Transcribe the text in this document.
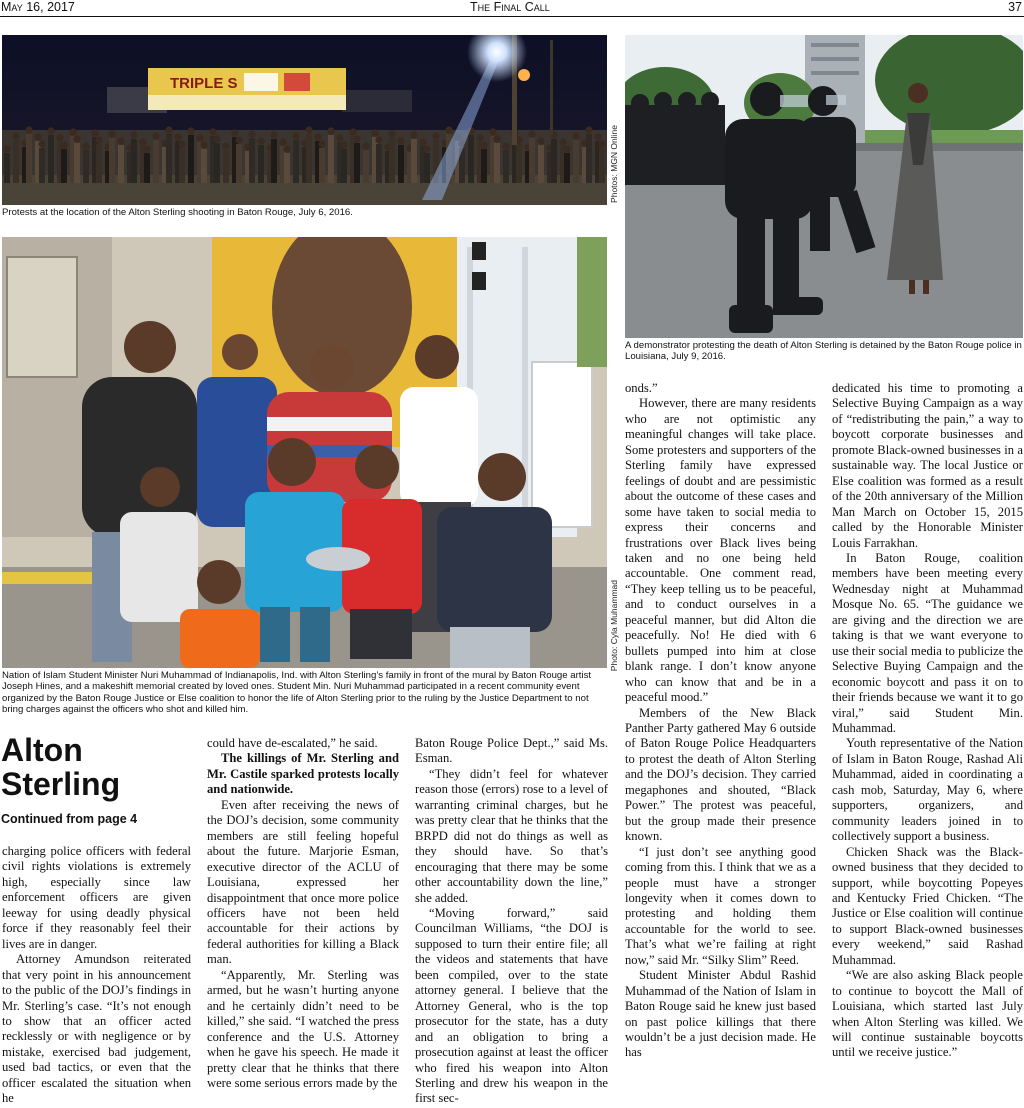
May 16, 2017	The Final Call	37
TRIPLE S
Photos: MGN Online

Protests at the location of the Alton Sterling shooting in Baton Rouge, July 6, 2016.

A demonstrator protesting the death of Alton Sterling is detained by the Baton Rouge police in Louisiana, July 9, 2016.

Photo: Cyla Muhammad

Nation of Islam Student Minister Nuri Muhammad of Indianapolis, Ind. with Alton Sterling’s family in front of the mural by Baton Rouge artist Joseph Hines, and a makeshift memorial created by loved ones. Student Min. Nuri Muhammad participated in a recent community event organized by the Baton Rouge Justice or Else coalition to honor the life of Alton Sterling prior to the ruling by the Justice Department to not bring charges against the officers who shot and killed him.

Alton
Sterling
Continued from page 4

charging police officers with federal civil rights violations is extremely high, especially since law enforcement officers are given leeway for using deadly physical force if they reasonably feel their lives are in danger.

Attorney Amundson reiterated that very point in his announcement to the public of the DOJ’s findings in Mr. Sterling’s case. “It’s not enough to show that an officer acted recklessly or with negligence or by mistake, exercised bad judgement, used bad tactics, or even that the officer escalated the situation when he

could have de-escalated,” he said.

The killings of Mr. Sterling and Mr. Castile sparked protests locally and nationwide.

Even after receiving the news of the DOJ’s decision, some community members are still feeling hopeful about the future. Marjorie Esman, executive director of the ACLU of Louisiana, expressed her disappointment that once more police officers have not been held accountable for their actions by federal authorities for killing a Black man.

“Apparently, Mr. Sterling was armed, but he wasn’t hurting anyone and he certainly didn’t need to be killed,” she said. “I watched the press conference and the U.S. Attorney when he gave his speech. He made it pretty clear that he thinks that there were some serious errors made by the

Baton Rouge Police Dept.,” said Ms. Esman.

“They didn’t feel for whatever reason those (errors) rose to a level of warranting criminal charges, but he was pretty clear that he thinks that the BRPD did not do things as well as they should have. So that’s encouraging that there may be some other accountability down the line,” she added.

“Moving forward,” said Councilman Williams, “the DOJ is supposed to turn their entire file; all the videos and statements that have been compiled, over to the state attorney general. I believe that the Attorney General, who is the top prosecutor for the state, has a duty and an obligation to bring a prosecution against at least the officer who fired his weapon into Alton Sterling and drew his weapon in the first sec-

onds.”

However, there are many residents who are not optimistic any meaningful changes will take place. Some protesters and supporters of the Sterling family have expressed feelings of doubt and are pessimistic about the outcome of these cases and some have taken to social media to express their concerns and frustrations over Black lives being taken and no one being held accountable. One comment read, “They keep telling us to be peaceful, and to conduct ourselves in a peaceful manner, but did Alton die peacefully. No! He died with 6 bullets pumped into him at close blank range. I don’t know anyone who can know that and be in a peaceful mood.”

Members of the New Black Panther Party gathered May 6 outside of Baton Rouge Police Headquarters to protest the death of Alton Sterling and the DOJ’s decision. They carried megaphones and shouted, “Black Power.” The protest was peaceful, but the group made their presence known.

“I just don’t see anything good coming from this. I think that we as a people must have a stronger longevity when it comes down to protesting and holding them accountable for the world to see. That’s what we’re failing at right now,” said Mr. “Silky Slim” Reed.

Student Minister Abdul Rashid Muhammad of the Nation of Islam in Baton Rouge said he knew just based on past police killings that there wouldn’t be a just decision made. He has

dedicated his time to promoting a Selective Buying Campaign as a way of “redistributing the pain,” a way to boycott corporate businesses and promote Black-owned businesses in a sustainable way. The local Justice or Else coalition was formed as a result of the 20th anniversary of the Million Man March on October 15, 2015 called by the Honorable Minister Louis Farrakhan.

In Baton Rouge, coalition members have been meeting every Wednesday night at Muhammad Mosque No. 65. “The guidance we are giving and the direction we are taking is that we want everyone to use their social media to publicize the Selective Buying Campaign and the economic boycott and pass it on to their friends because we want it to go viral,” said Student Min. Muhammad.

Youth representative of the Nation of Islam in Baton Rouge, Rashad Ali Muhammad, aided in coordinating a cash mob, Saturday, May 6, where supporters, organizers, and community leaders joined in to collectively support a business.

Chicken Shack was the Black-owned business that they decided to support, while boycotting Popeyes and Kentucky Fried Chicken. “The Justice or Else coalition will continue to support Black-owned businesses every weekend,” said Rashad Muhammad.

“We are also asking Black people to continue to boycott the Mall of Louisiana, which started last July when Alton Sterling was killed. We will continue sustainable boycotts until we receive justice.”
